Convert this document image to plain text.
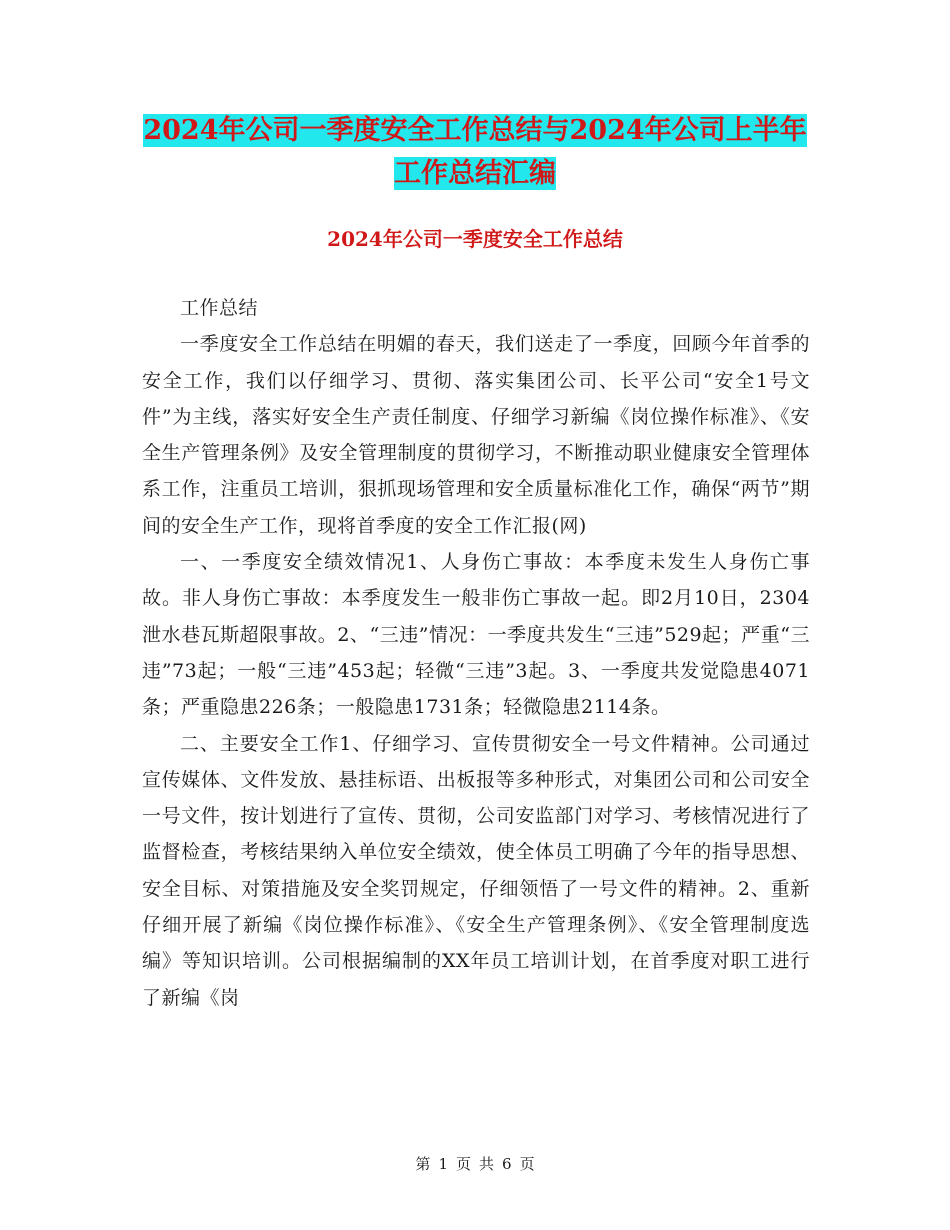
2024年公司一季度安全工作总结与2024年公司上半年
工作总结汇编
2024年公司一季度安全工作总结

工作总结

一季度安全工作总结在明媚的春天，我们送走了一季度，回顾今年首季的安全工作，我们以仔细学习、贯彻、落实集团公司、长平公司“安全1号文件”为主线，落实好安全生产责任制度、仔细学习新编《岗位操作标准》、《安全生产管理条例》及安全管理制度的贯彻学习，不断推动职业健康安全管理体系工作，注重员工培训，狠抓现场管理和安全质量标准化工作，确保“两节”期间的安全生产工作，现将首季度的安全工作汇报(网)

一、一季度安全绩效情况1、人身伤亡事故：本季度未发生人身伤亡事故。非人身伤亡事故：本季度发生一般非伤亡事故一起。即2月10日，2304泄水巷瓦斯超限事故。2、“三违”情况：一季度共发生“三违”529起；严重“三违”73起；一般“三违”453起；轻微“三违”3起。3、一季度共发觉隐患4071条；严重隐患226条；一般隐患1731条；轻微隐患2114条。

二、主要安全工作1、仔细学习、宣传贯彻安全一号文件精神。公司通过宣传媒体、文件发放、悬挂标语、出板报等多种形式，对集团公司和公司安全一号文件，按计划进行了宣传、贯彻，公司安监部门对学习、考核情况进行了监督检查，考核结果纳入单位安全绩效，使全体员工明确了今年的指导思想、安全目标、对策措施及安全奖罚规定，仔细领悟了一号文件的精神。2、重新仔细开展了新编《岗位操作标准》、《安全生产管理条例》、《安全管理制度选编》等知识培训。公司根据编制的XX年员工培训计划，在首季度对职工进行了新编《岗

第 1 页 共 6 页
